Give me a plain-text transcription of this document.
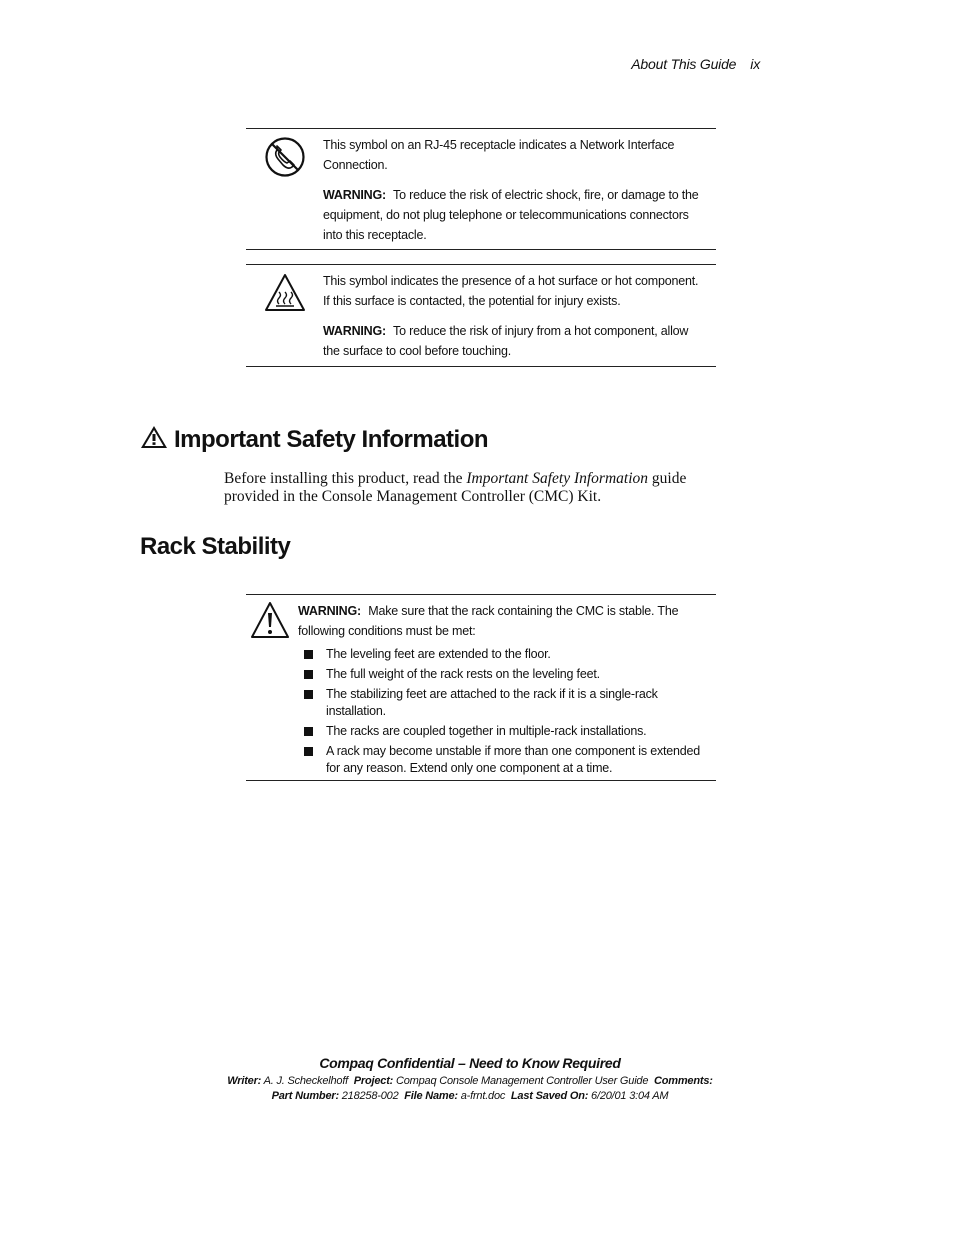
About This Guide ix

This symbol on an RJ-45 receptacle indicates a Network Interface Connection.

WARNING: To reduce the risk of electric shock, fire, or damage to the equipment, do not plug telephone or telecommunications connectors into this receptacle.

This symbol indicates the presence of a hot surface or hot component. If this surface is contacted, the potential for injury exists.

WARNING: To reduce the risk of injury from a hot component, allow the surface to cool before touching.

Important Safety Information
Before installing this product, read the Important Safety Information guide provided in the Console Management Controller (CMC) Kit.
Rack Stability
WARNING: Make sure that the rack containing the CMC is stable. The following conditions must be met:
The leveling feet are extended to the floor.
The full weight of the rack rests on the leveling feet.
The stabilizing feet are attached to the rack if it is a single-rack installation.
The racks are coupled together in multiple-rack installations.
A rack may become unstable if more than one component is extended for any reason. Extend only one component at a time.
Compaq Confidential – Need to Know Required
Writer: A. J. Scheckelhoff Project: Compaq Console Management Controller User Guide Comments:
Part Number: 218258-002 File Name: a-frnt.doc Last Saved On: 6/20/01 3:04 AM
